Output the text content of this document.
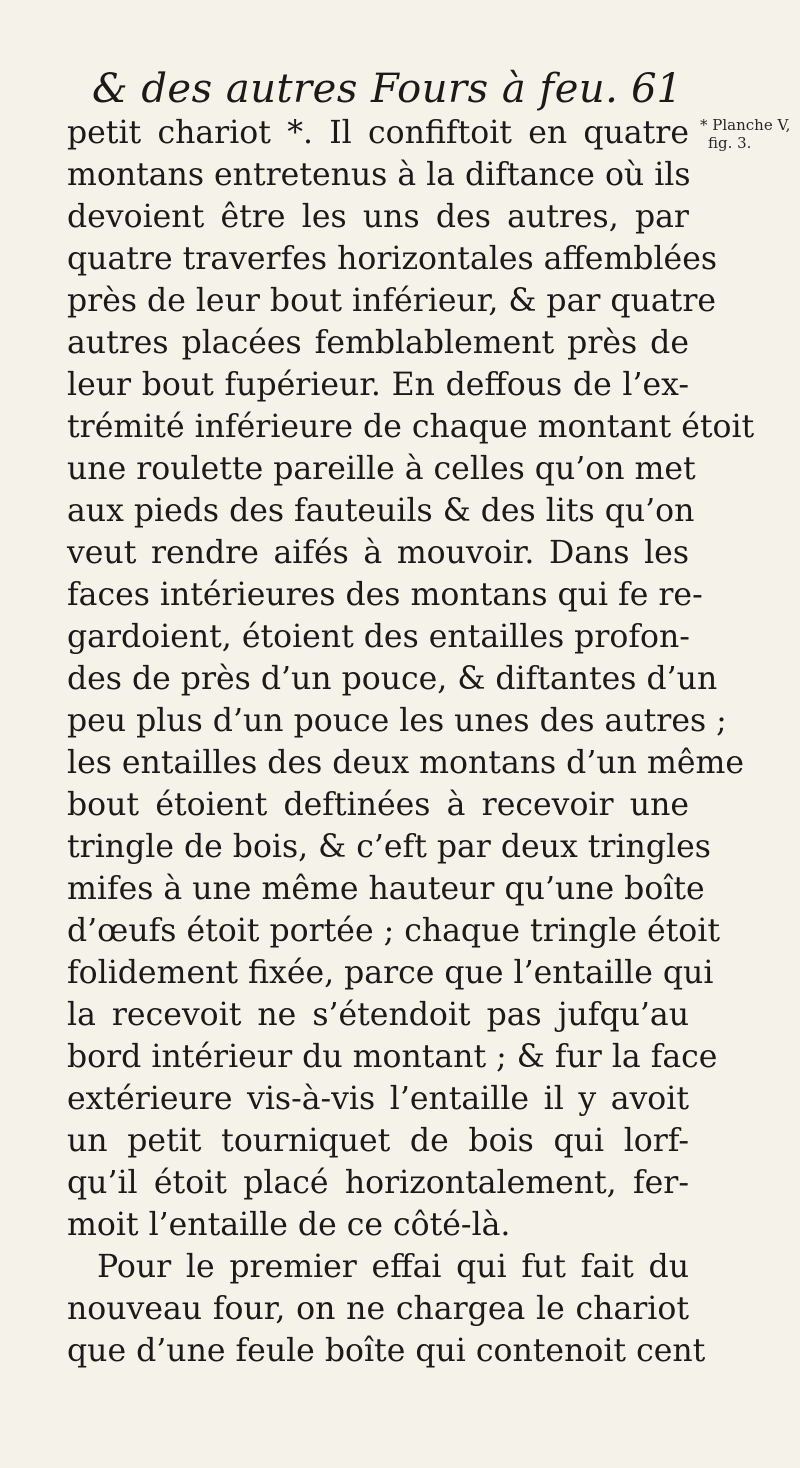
& des autres Fours à feu. 61
* Planche V,
fig. 3.
petit chariot *. Il confiftoit en quatre
montans entretenus à la diftance où ils
devoient être les uns des autres, par
quatre traverfes horizontales affemblées
près de leur bout inférieur, & par quatre
autres placées femblablement près de
leur bout fupérieur. En deffous de l’ex-
trémité inférieure de chaque montant étoit
une roulette pareille à celles qu’on met
aux pieds des fauteuils & des lits qu’on
veut rendre aifés à mouvoir. Dans les
faces intérieures des montans qui fe re-
gardoient, étoient des entailles profon-
des de près d’un pouce, & diftantes d’un
peu plus d’un pouce les unes des autres ;
les entailles des deux montans d’un même
bout étoient deftinées à recevoir une
tringle de bois, & c’eft par deux tringles
mifes à une même hauteur qu’une boîte
d’œufs étoit portée ; chaque tringle étoit
folidement fixée, parce que l’entaille qui
la recevoit ne s’étendoit pas jufqu’au
bord intérieur du montant ; & fur la face
extérieure vis-à-vis l’entaille il y avoit
un petit tourniquet de bois qui lorf-
qu’il étoit placé horizontalement, fer-
moit l’entaille de ce côté-là.
Pour le premier effai qui fut fait du
nouveau four, on ne chargea le chariot
que d’une feule boîte qui contenoit cent
